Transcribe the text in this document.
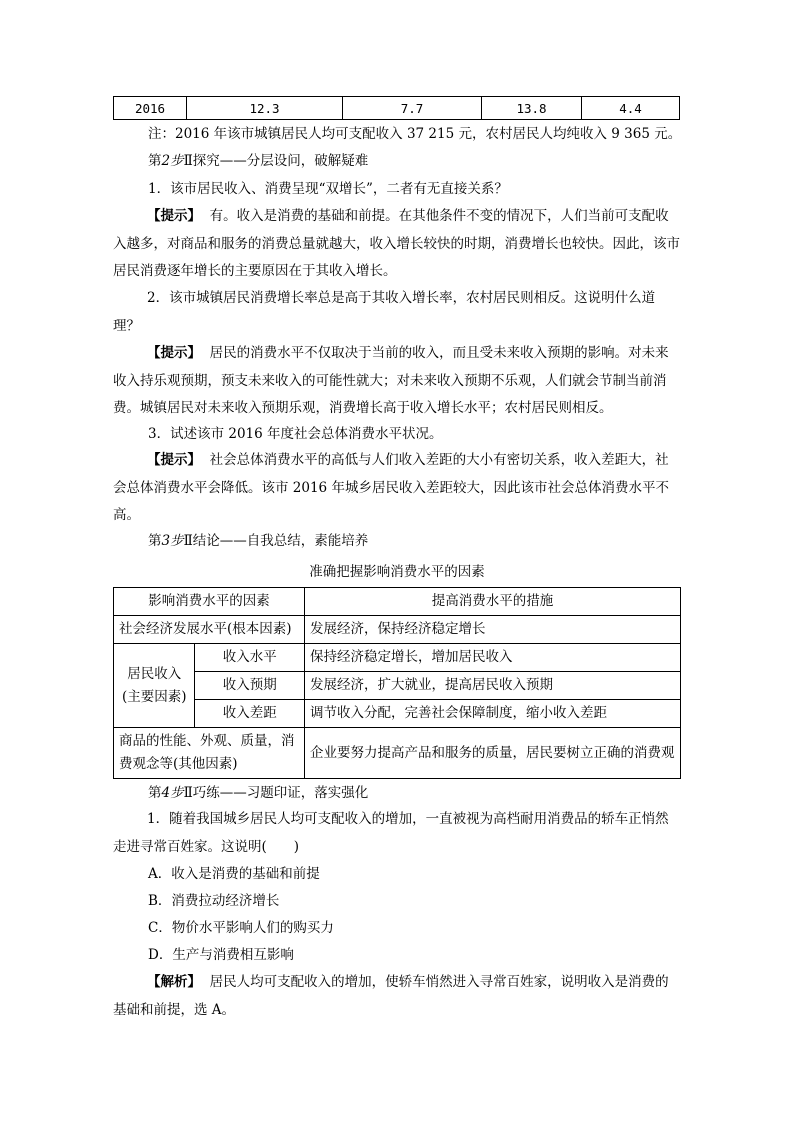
2016	12.3	7.7	13.8	4.4
注：2016 年该市城镇居民人均可支配收入 37 215 元，农村居民人均纯收入 9 365 元。
第2步Ⅱ探究——分层设问，破解疑难
1．该市居民收入、消费呈现“双增长”，二者有无直接关系？
【提示】 有。收入是消费的基础和前提。在其他条件不变的情况下，人们当前可支配收入越多，对商品和服务的消费总量就越大，收入增长较快的时期，消费增长也较快。因此，该市居民消费逐年增长的主要原因在于其收入增长。
2．该市城镇居民消费增长率总是高于其收入增长率，农村居民则相反。这说明什么道理？
【提示】 居民的消费水平不仅取决于当前的收入，而且受未来收入预期的影响。对未来收入持乐观预期，预支未来收入的可能性就大；对未来收入预期不乐观，人们就会节制当前消费。城镇居民对未来收入预期乐观，消费增长高于收入增长水平；农村居民则相反。
3．试述该市 2016 年度社会总体消费水平状况。
【提示】 社会总体消费水平的高低与人们收入差距的大小有密切关系，收入差距大，社会总体消费水平会降低。该市 2016 年城乡居民收入差距较大，因此该市社会总体消费水平不高。
第3步Ⅱ结论——自我总结，素能培养
准确把握影响消费水平的因素
影响消费水平的因素		提高消费水平的措施
社会经济发展水平(根本因素)		发展经济，保持经济稳定增长
居民收入(主要因素)	收入水平	保持经济稳定增长，增加居民收入
	收入预期	发展经济，扩大就业，提高居民收入预期
	收入差距	调节收入分配，完善社会保障制度，缩小收入差距
商品的性能、外观、质量，消费观念等(其他因素)		企业要努力提高产品和服务的质量，居民要树立正确的消费观
第4步Ⅱ巧练——习题印证，落实强化
1．随着我国城乡居民人均可支配收入的增加，一直被视为高档耐用消费品的轿车正悄然走进寻常百姓家。这说明(　　)
A．收入是消费的基础和前提
B．消费拉动经济增长
C．物价水平影响人们的购买力
D．生产与消费相互影响
【解析】 居民人均可支配收入的增加，使轿车悄然进入寻常百姓家，说明收入是消费的基础和前提，选 A。
